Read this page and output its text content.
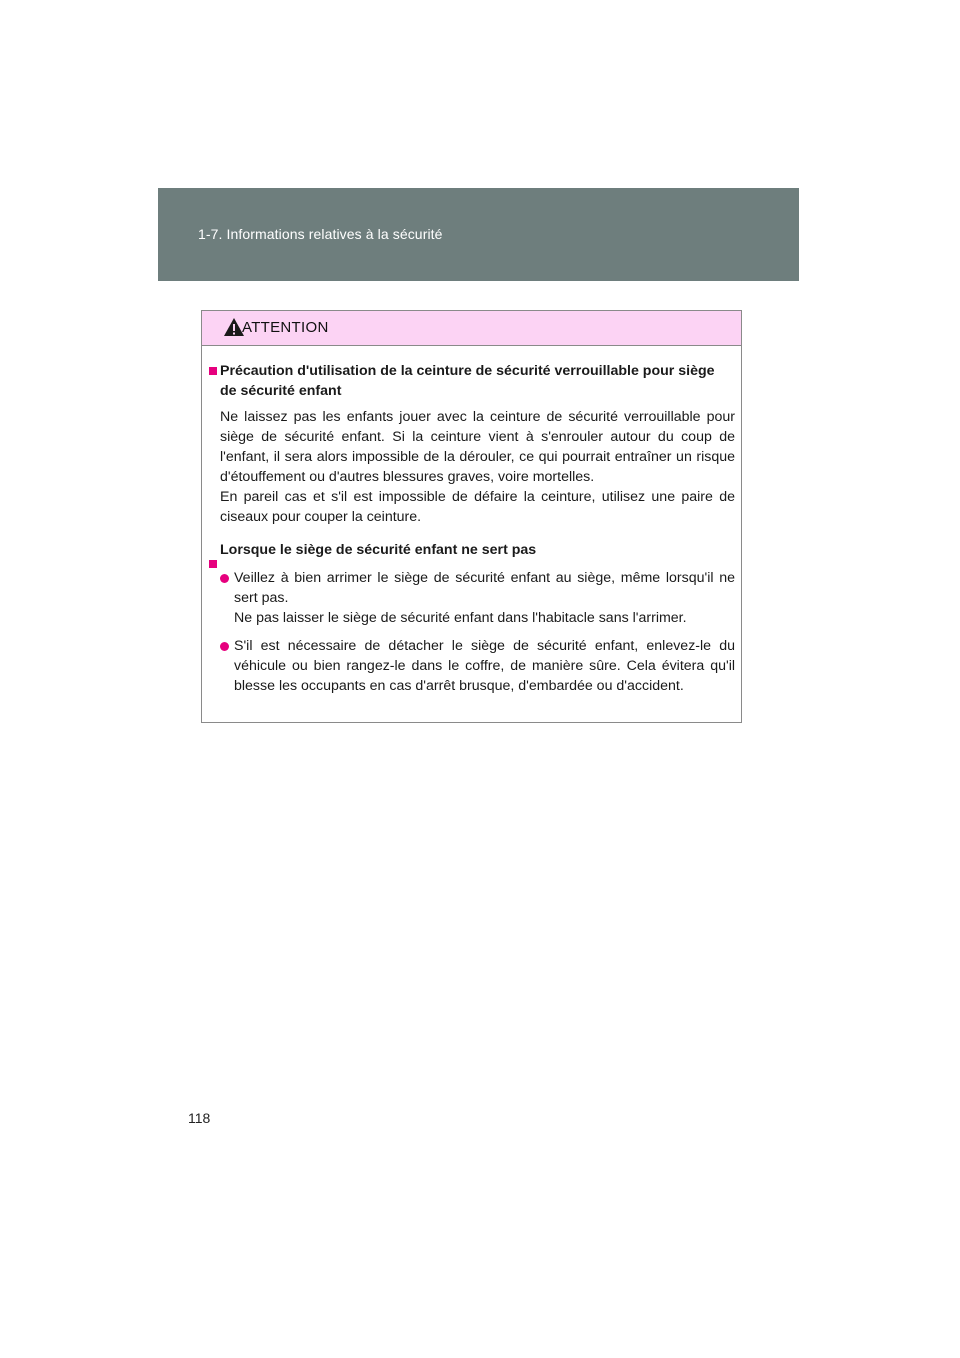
1-7. Informations relatives à la sécurité
ATTENTION
Précaution d'utilisation de la ceinture de sécurité verrouillable pour siège de sécurité enfant
Ne laissez pas les enfants jouer avec la ceinture de sécurité verrouillable pour siège de sécurité enfant. Si la ceinture vient à s'enrouler autour du coup de l'enfant, il sera alors impossible de la dérouler, ce qui pourrait entraîner un risque d'étouffement ou d'autres blessures graves, voire mortelles.
En pareil cas et s'il est impossible de défaire la ceinture, utilisez une paire de ciseaux pour couper la ceinture.
Lorsque le siège de sécurité enfant ne sert pas
Veillez à bien arrimer le siège de sécurité enfant au siège, même lorsqu'il ne sert pas.
Ne pas laisser le siège de sécurité enfant dans l'habitacle sans l'arrimer.
S'il est nécessaire de détacher le siège de sécurité enfant, enlevez-le du véhicule ou bien rangez-le dans le coffre, de manière sûre. Cela évitera qu'il blesse les occupants en cas d'arrêt brusque, d'embardée ou d'accident.
118
